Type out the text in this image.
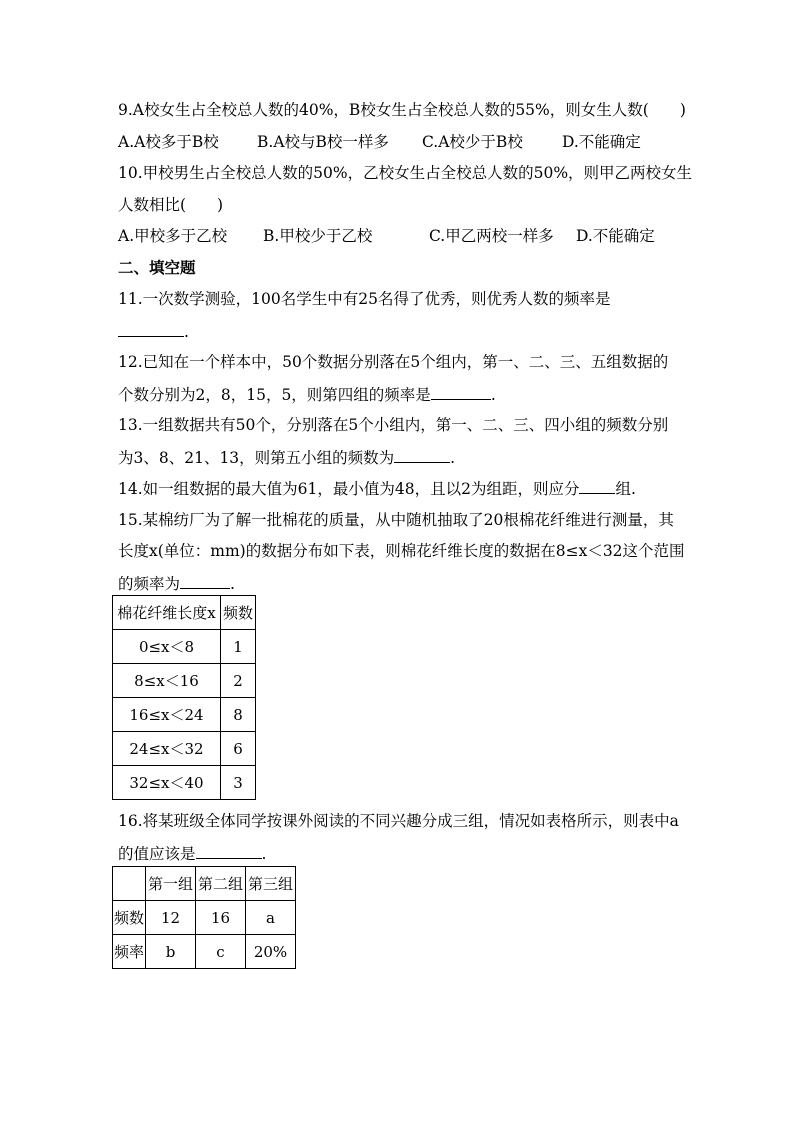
9.A校女生占全校总人数的40%，B校女生占全校总人数的55%，则女生人数(　　)
A.A校多于B校 B.A校与B校一样多 C.A校少于B校	D.不能确定
10.甲校男生占全校总人数的50%，乙校女生占全校总人数的50%，则甲乙两校女生
人数相比(　　)
A.甲校多于乙校 B.甲校少于乙校	C.甲乙两校一样多 D.不能确定
二、填空题
11.一次数学测验，100名学生中有25名得了优秀，则优秀人数的频率是
.
12.已知在一个样本中，50个数据分别落在5个组内，第一、二、三、五组数据的
个数分别为2，8，15，5，则第四组的频率是	.
13.一组数据共有50个，分别落在5个小组内，第一、二、三、四小组的频数分别
为3、8、21、13，则第五小组的频数为	.
14.如一组数据的最大值为61，最小值为48，且以2为组距，则应分 组.
15.某棉纺厂为了解一批棉花的质量，从中随机抽取了20根棉花纤维进行测量，其
长度x(单位：mm)的数据分布如下表，则棉花纤维长度的数据在8≤x＜32这个范围
的频率为	.
棉花纤维长度x	频数
0≤x＜8	1
8≤x＜16	2
16≤x＜24	8
24≤x＜32	6
32≤x＜40	3
16.将某班级全体同学按课外阅读的不同兴趣分成三组，情况如表格所示，则表中a
的值应该是	.
	第一组	第二组	第三组
频数	12	16	a
频率	b	c	20%
